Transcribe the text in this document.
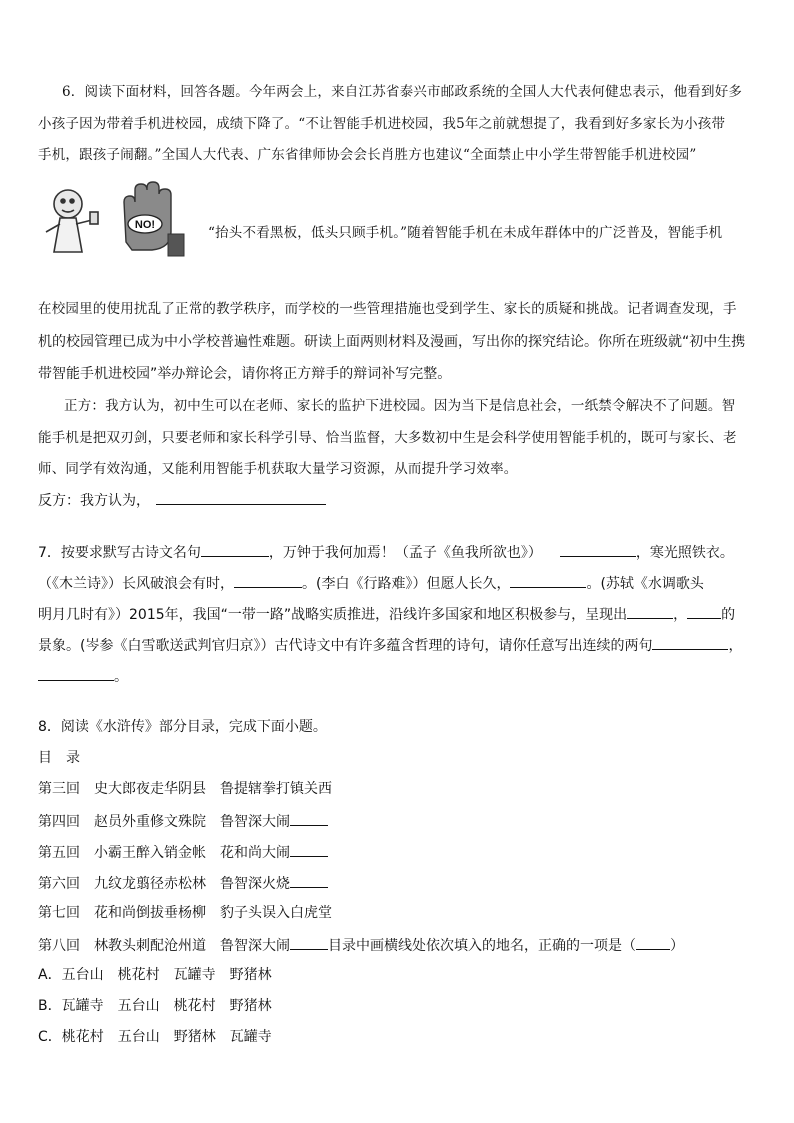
6．阅读下面材料，回答各题。今年两会上，来自江苏省泰兴市邮政系统的全国人大代表何健忠表示，他看到好多
小孩子因为带着手机进校园，成绩下降了。“不让智能手机进校园，我5年之前就想提了，我看到好多家长为小孩带
手机，跟孩子闹翻。”全国人大代表、广东省律师协会会长肖胜方也建议“全面禁止中小学生带智能手机进校园”
NO!	“抬头不看黑板，低头只顾手机。”随着智能手机在未成年群体中的广泛普及，智能手机
在校园里的使用扰乱了正常的教学秩序，而学校的一些管理措施也受到学生、家长的质疑和挑战。记者调查发现，手
机的校园管理已成为中小学校普遍性难题。研读上面两则材料及漫画，写出你的探究结论。你所在班级就“初中生携
带智能手机进校园”举办辩论会，请你将正方辩手的辩词补写完整。
正方：我方认为，初中生可以在老师、家长的监护下进校园。因为当下是信息社会，一纸禁令解决不了问题。智
能手机是把双刃剑，只要老师和家长科学引导、恰当监督，大多数初中生是会科学使用智能手机的，既可与家长、老
师、同学有效沟通，又能利用智能手机获取大量学习资源，从而提升学习效率。
反方：我方认为，
7．按要求默写古诗文名句	，万钟于我何加焉！（孟子《鱼我所欲也》）	，寒光照铁衣。
（《木兰诗》）长风破浪会有时，	。(李白《行路难》）但愿人长久，	。(苏轼《水调歌头
明月几时有》）2015年，我国“一带一路”战略实质推进，沿线许多国家和地区积极参与，呈现出	， 的
景象。(岑参《白雪歌送武判官归京》）古代诗文中有许多蕴含哲理的诗句，请你任意写出连续的两句	，
。
8．阅读《水浒传》部分目录，完成下面小题。
目　录
第三回　史大郎夜走华阴县　鲁提辖拳打镇关西
第四回　赵员外重修文殊院　鲁智深大闹
第五回　小霸王醉入销金帐　花和尚大闹
第六回　九纹龙翦径赤松林　鲁智深火烧
第七回　花和尚倒拔垂杨柳　豹子头误入白虎堂
第八回　林教头刺配沧州道　鲁智深大闹	目录中画横线处依次填入的地名，正确的一项是（ ）
A．五台山　桃花村　瓦罐寺　野猪林
B．瓦罐寺　五台山　桃花村　野猪林
C．桃花村　五台山　野猪林　瓦罐寺
